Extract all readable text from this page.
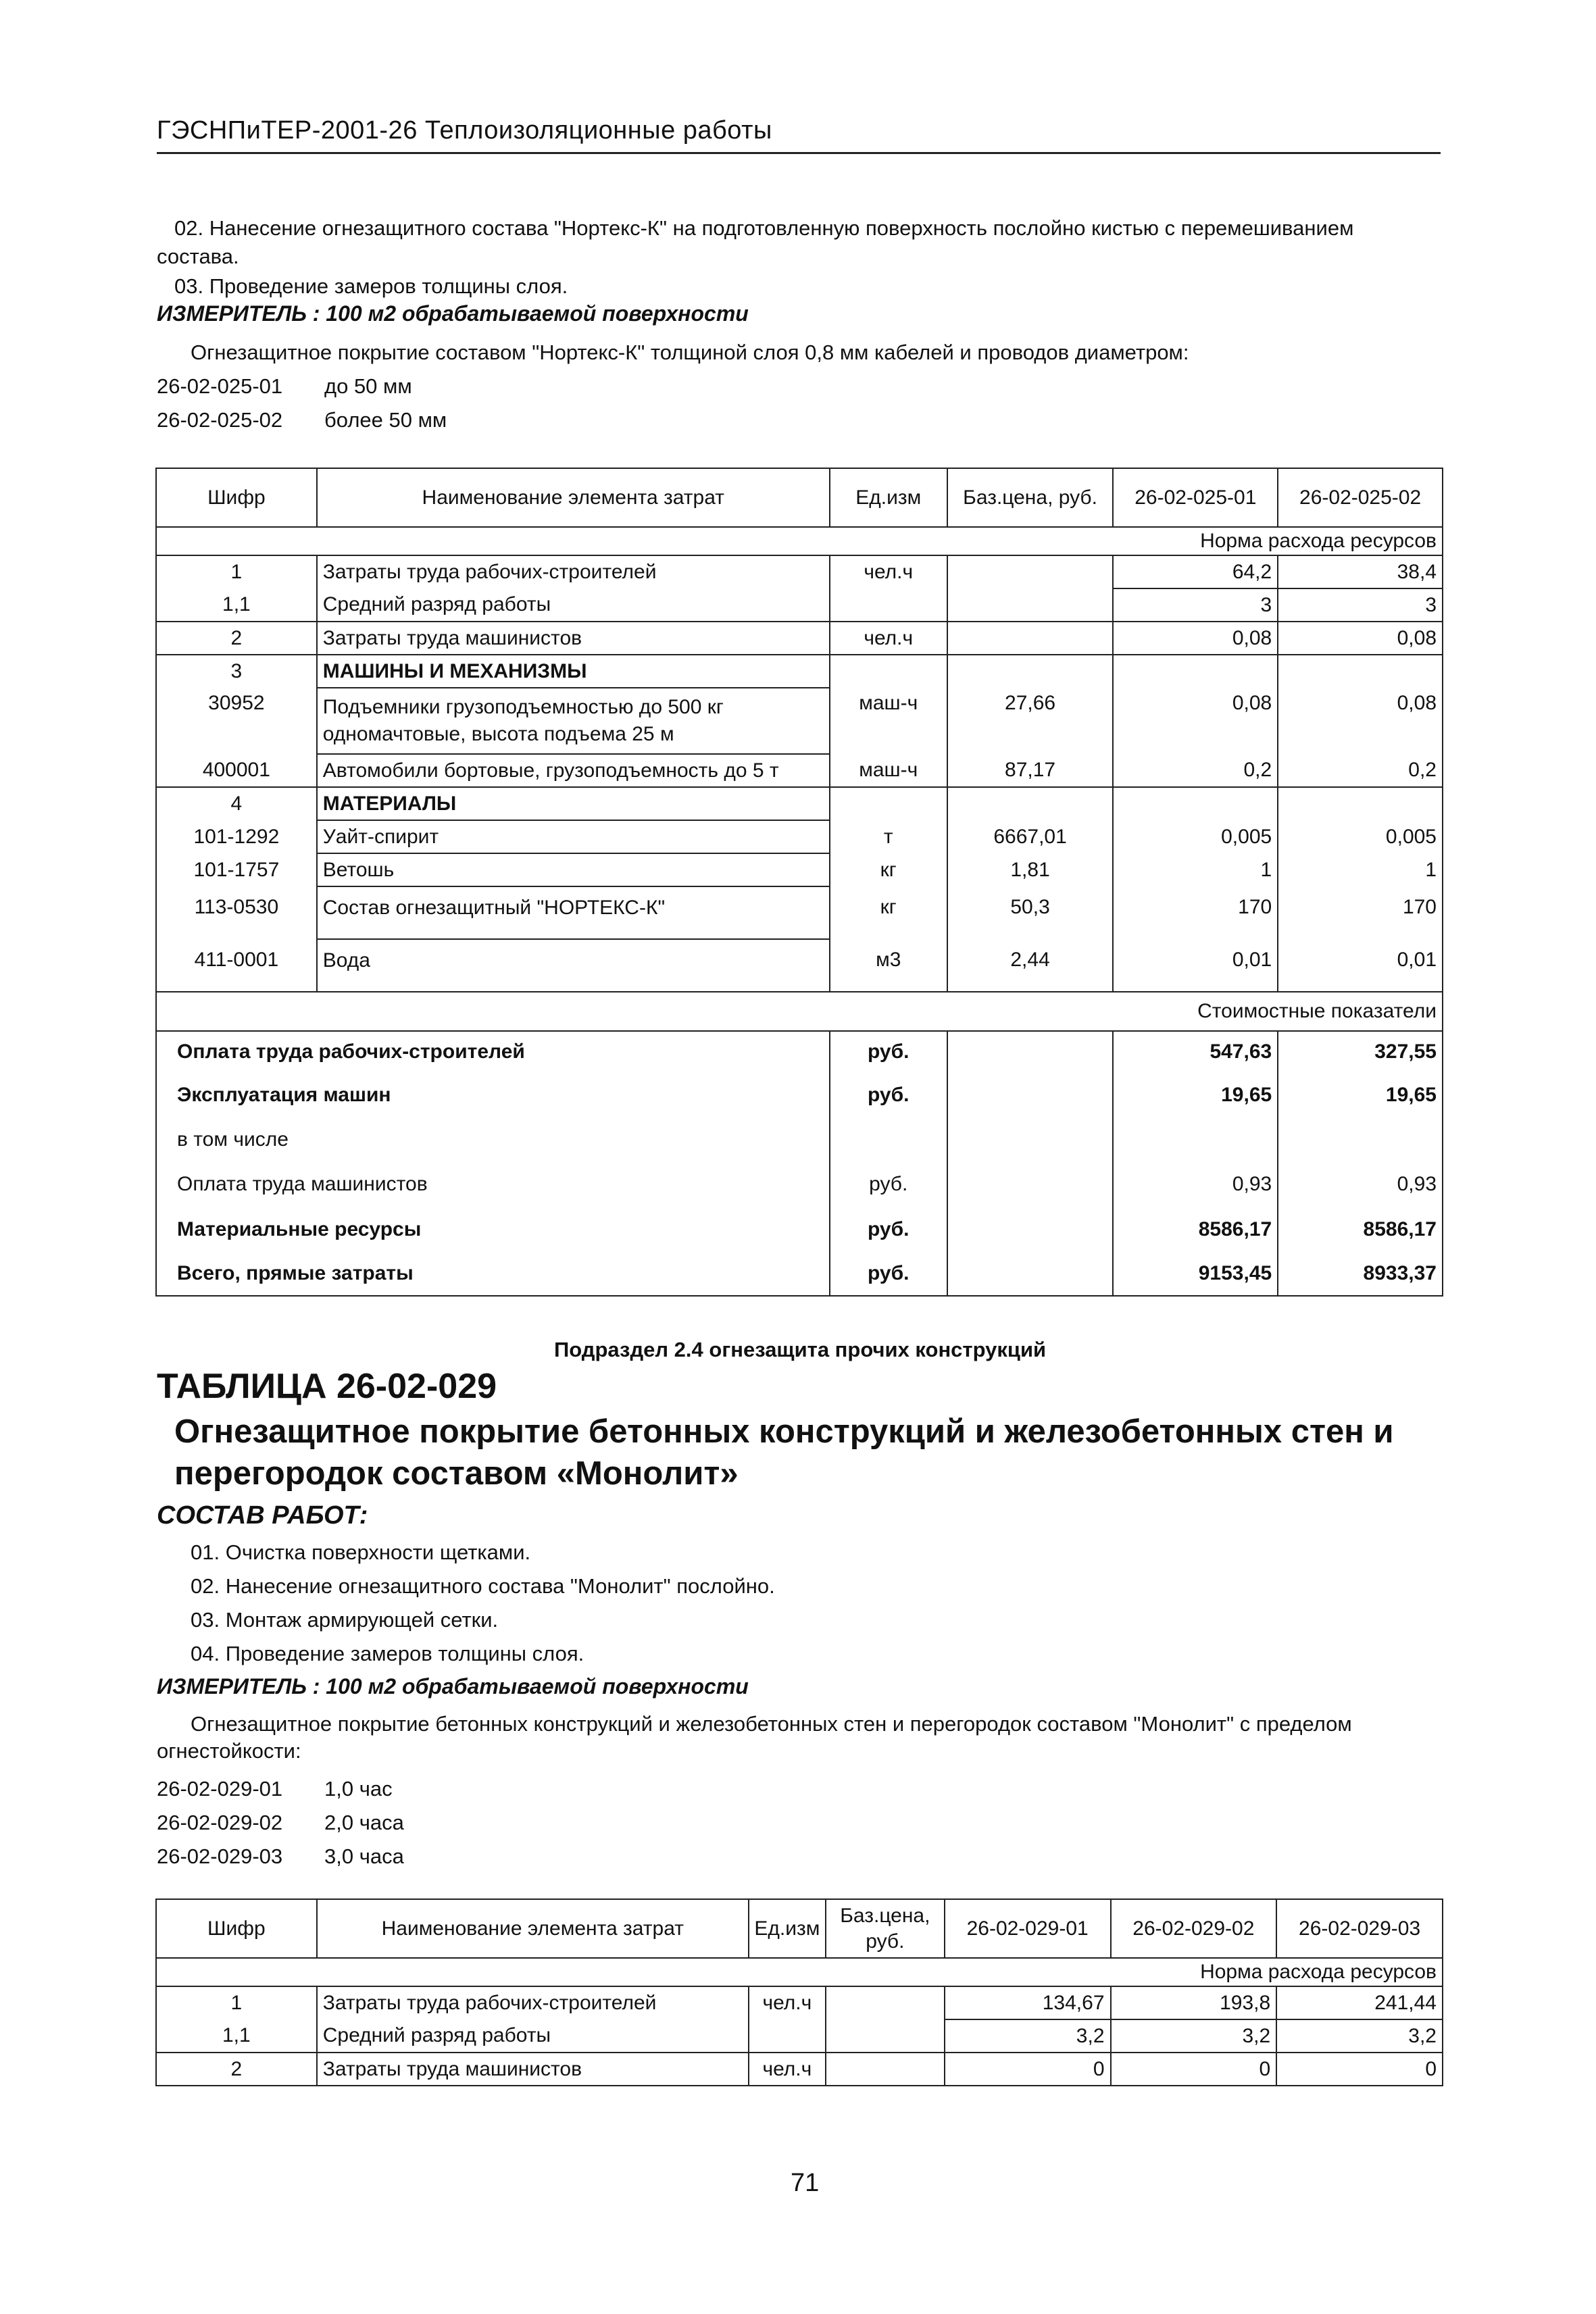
ГЭСНПиТЕР-2001-26 Теплоизоляционные работы
02. Нанесение огнезащитного состава "Нортекс-К" на подготовленную поверхность послойно кистью с перемешиванием
состава.
03. Проведение замеров толщины слоя.
ИЗМЕРИТЕЛЬ : 100 м2 обрабатываемой поверхности
Огнезащитное покрытие составом "Нортекс-К" толщиной слоя 0,8 мм кабелей и проводов диаметром:
26-02-025-01 до 50 мм
26-02-025-02 более 50 мм
Шифр	Наименование элемента затрат	Ед.изм	Баз.цена, руб.	26-02-025-01	26-02-025-02
Норма расхода ресурсов					
1	Затраты труда рабочих-строителей	чел.ч		64,2	38,4
1,1	Средний разряд работы			3	3
2	Затраты труда машинистов	чел.ч		0,08	0,08
3	МАШИНЫ И МЕХАНИЗМЫ				
30952	Подъемники грузоподъемностью до 500 кг
одномачтовые, высота подъема 25 м	маш-ч	27,66	0,08	0,08
400001	Автомобили бортовые, грузоподъемность до 5 т	маш-ч	87,17	0,2	0,2
4	МАТЕРИАЛЫ				
101-1292	Уайт-спирит	т	6667,01	0,005	0,005
101-1757	Ветошь	кг	1,81	1	1
113-0530	Состав огнезащитный "НОРТЕКС-К"	кг	50,3	170	170
411-0001	Вода	м3	2,44	0,01	0,01
Стоимостные показатели					
Оплата труда рабочих-строителей		руб.		547,63	327,55
Эксплуатация машин		руб.		19,65	19,65
в том числе					
Оплата труда машинистов		руб.		0,93	0,93
Материальные ресурсы		руб.		8586,17	8586,17
Всего, прямые затраты		руб.		9153,45	8933,37
Подраздел 2.4 огнезащита прочих конструкций
ТАБЛИЦА 26-02-029
Огнезащитное покрытие бетонных конструкций и железобетонных стен и перегородок составом «Монолит»
СОСТАВ РАБОТ:
01. Очистка поверхности щетками.
02. Нанесение огнезащитного состава "Монолит" послойно.
03. Монтаж армирующей сетки.
04. Проведение замеров толщины слоя.
ИЗМЕРИТЕЛЬ : 100 м2 обрабатываемой поверхности
Огнезащитное покрытие бетонных конструкций и железобетонных стен и перегородок составом "Монолит" с пределом
огнестойкости:
26-02-029-01 1,0 час
26-02-029-02 2,0 часа
26-02-029-03 3,0 часа
Шифр	Наименование элемента затрат	Ед.изм	Баз.цена,
руб.	26-02-029-01	26-02-029-02	26-02-029-03
Норма расхода ресурсов						
1	Затраты труда рабочих-строителей	чел.ч		134,67	193,8	241,44
1,1	Средний разряд работы			3,2	3,2	3,2
2	Затраты труда машинистов	чел.ч		0	0	0
71
